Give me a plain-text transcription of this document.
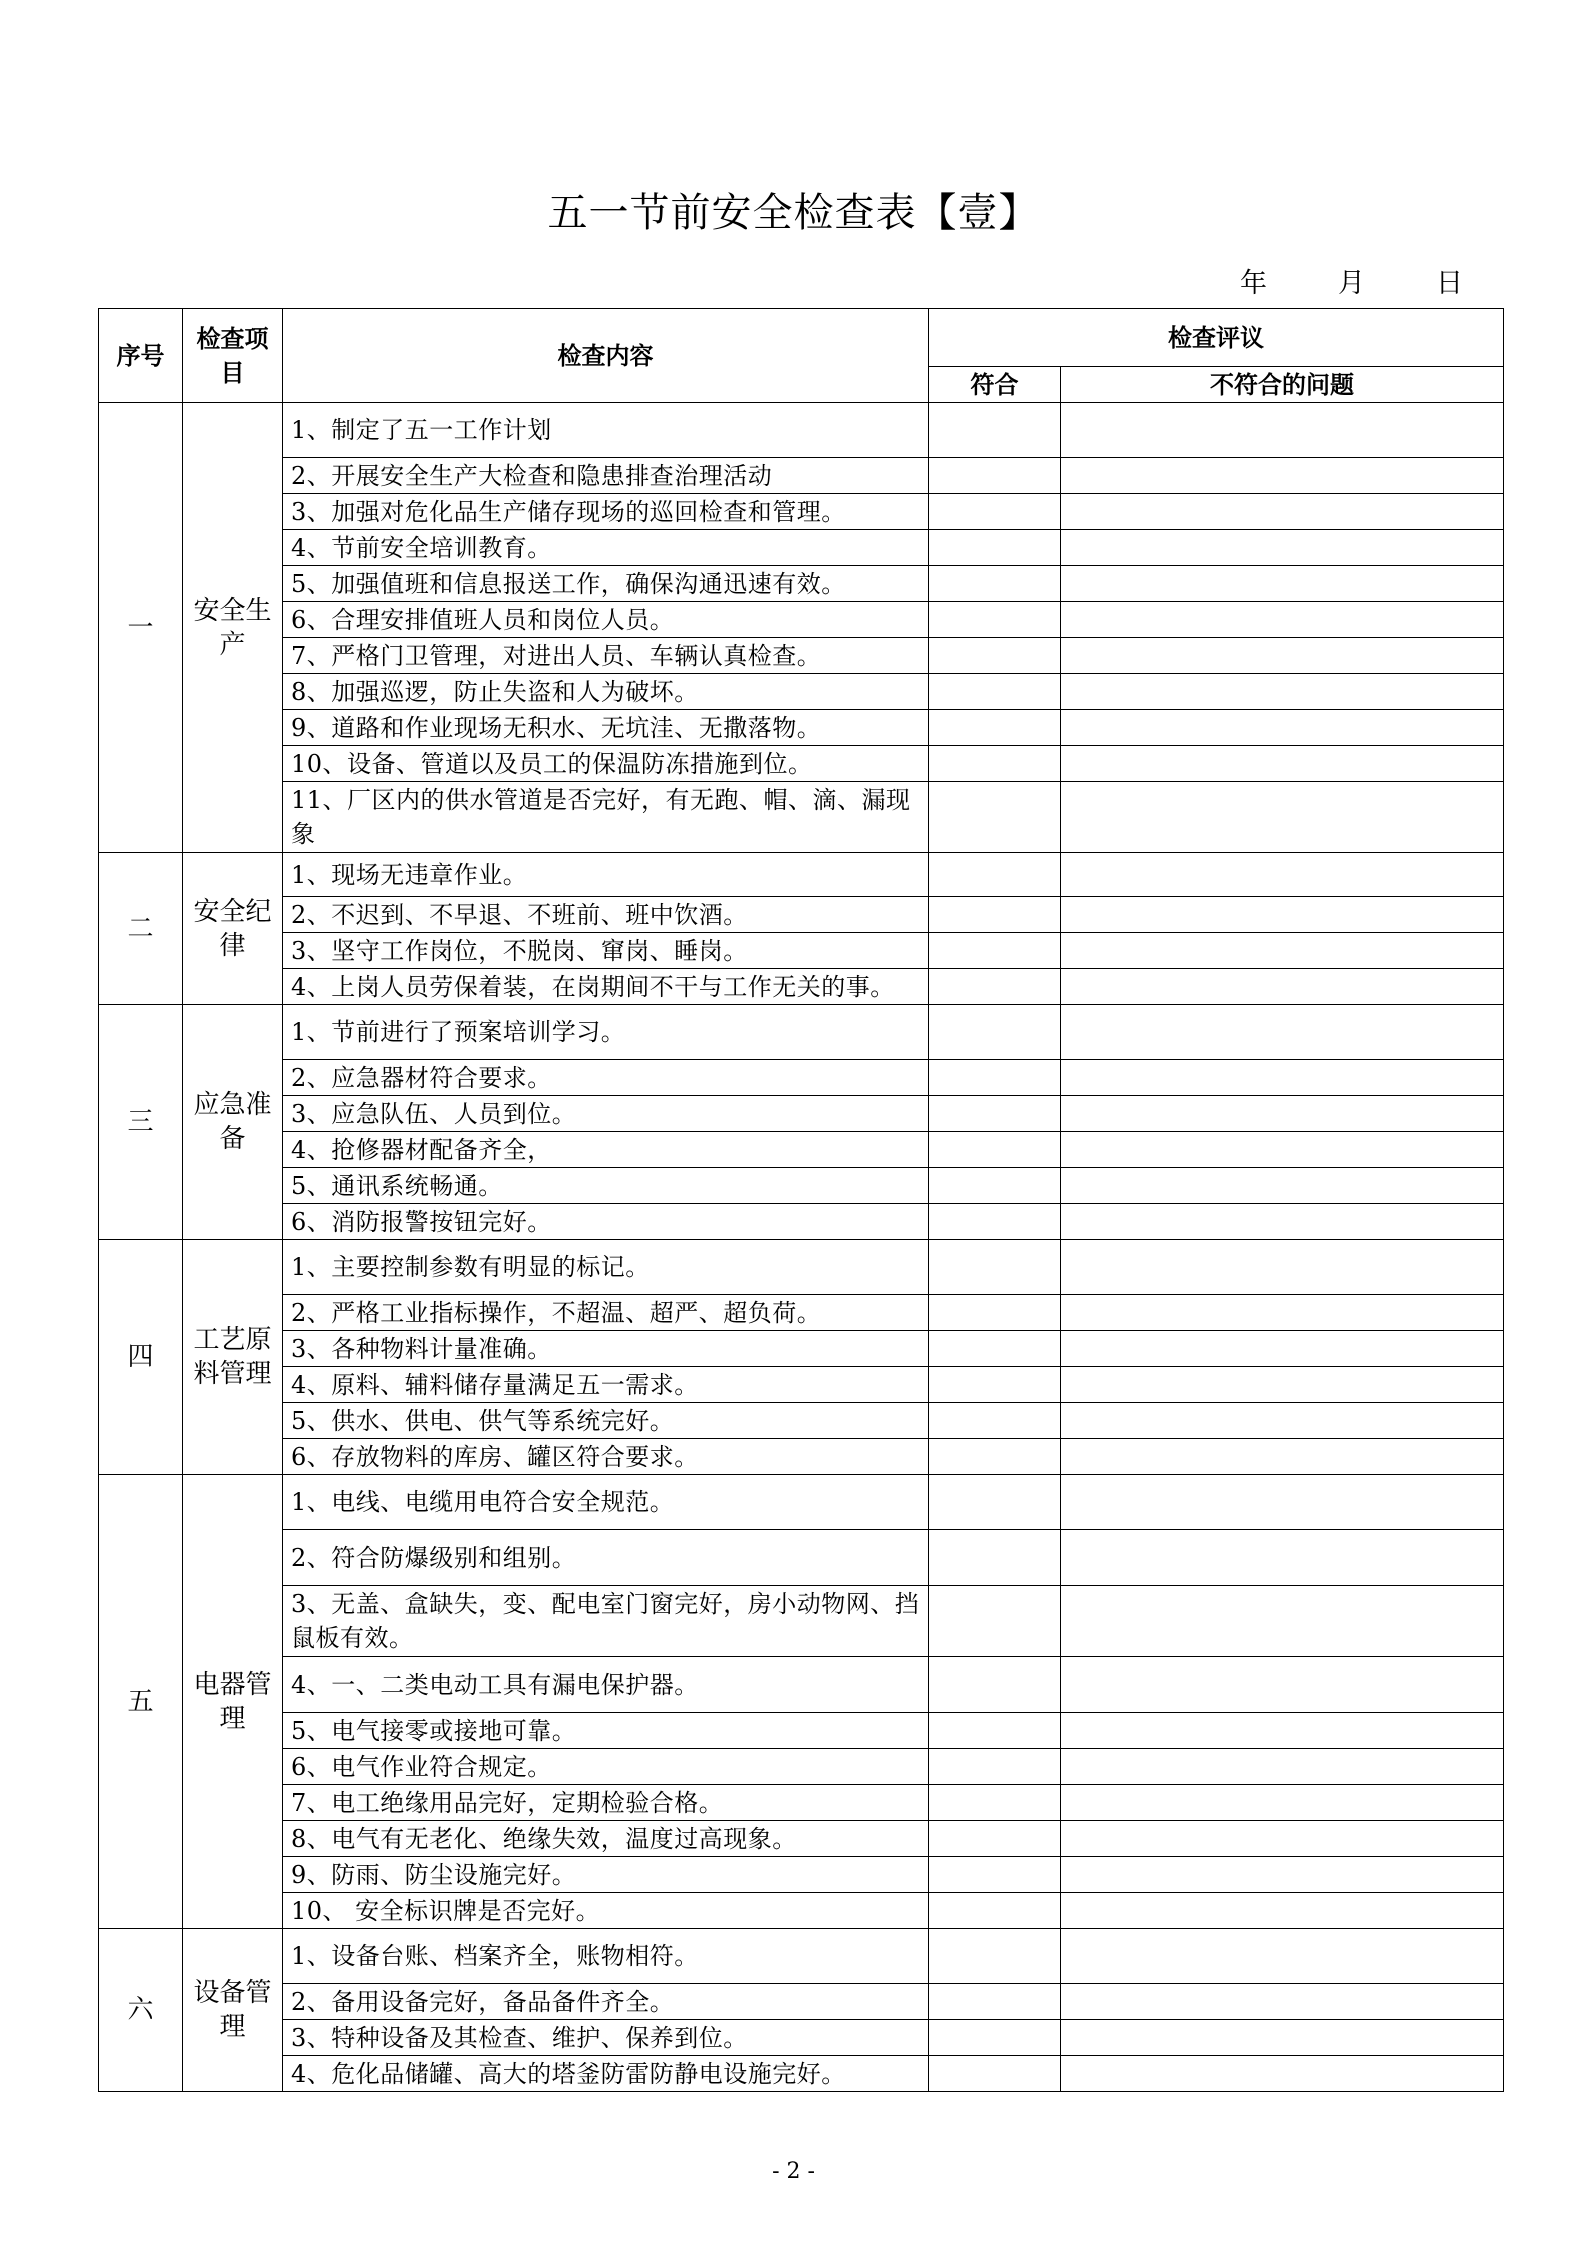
五一节前安全检查表【壹】
年	月	日
序号	检查项目	检查内容	检查评议	
			符合	不符合的问题
一	安全生产	1、制定了五一工作计划		
		2、开展安全生产大检查和隐患排查治理活动		
		3、加强对危化品生产储存现场的巡回检查和管理。		
		4、节前安全培训教育。		
		5、加强值班和信息报送工作，确保沟通迅速有效。		
		6、合理安排值班人员和岗位人员。		
		7、严格门卫管理，对进出人员、车辆认真检查。		
		8、加强巡逻，防止失盗和人为破坏。		
		9、道路和作业现场无积水、无坑洼、无撒落物。		
		10、设备、管道以及员工的保温防冻措施到位。		
		11、厂区内的供水管道是否完好，有无跑、帽、滴、漏现象		
二	安全纪律	1、现场无违章作业。		
		2、不迟到、不早退、不班前、班中饮酒。		
		3、坚守工作岗位，不脱岗、窜岗、睡岗。		
		4、上岗人员劳保着装，在岗期间不干与工作无关的事。		
三	应急准备	1、节前进行了预案培训学习。		
		2、应急器材符合要求。		
		3、应急队伍、人员到位。		
		4、抢修器材配备齐全，		
		5、通讯系统畅通。		
		6、消防报警按钮完好。		
四	工艺原料管理	1、主要控制参数有明显的标记。		
		2、严格工业指标操作，不超温、超严、超负荷。		
		3、各种物料计量准确。		
		4、原料、辅料储存量满足五一需求。		
		5、供水、供电、供气等系统完好。		
		6、存放物料的库房、罐区符合要求。		
五	电器管理	1、电线、电缆用电符合安全规范。		
		2、符合防爆级别和组别。		
		3、无盖、盒缺失，变、配电室门窗完好，房小动物网、挡鼠板有效。		
		4、一、二类电动工具有漏电保护器。		
		5、电气接零或接地可靠。		
		6、电气作业符合规定。		
		7、电工绝缘用品完好，定期检验合格。		
		8、电气有无老化、绝缘失效，温度过高现象。		
		9、防雨、防尘设施完好。		
		10、 安全标识牌是否完好。		
六	设备管理	1、设备台账、档案齐全，账物相符。		
		2、备用设备完好，备品备件齐全。		
		3、特种设备及其检查、维护、保养到位。		
		4、危化品储罐、高大的塔釜防雷防静电设施完好。		
- 2 -
